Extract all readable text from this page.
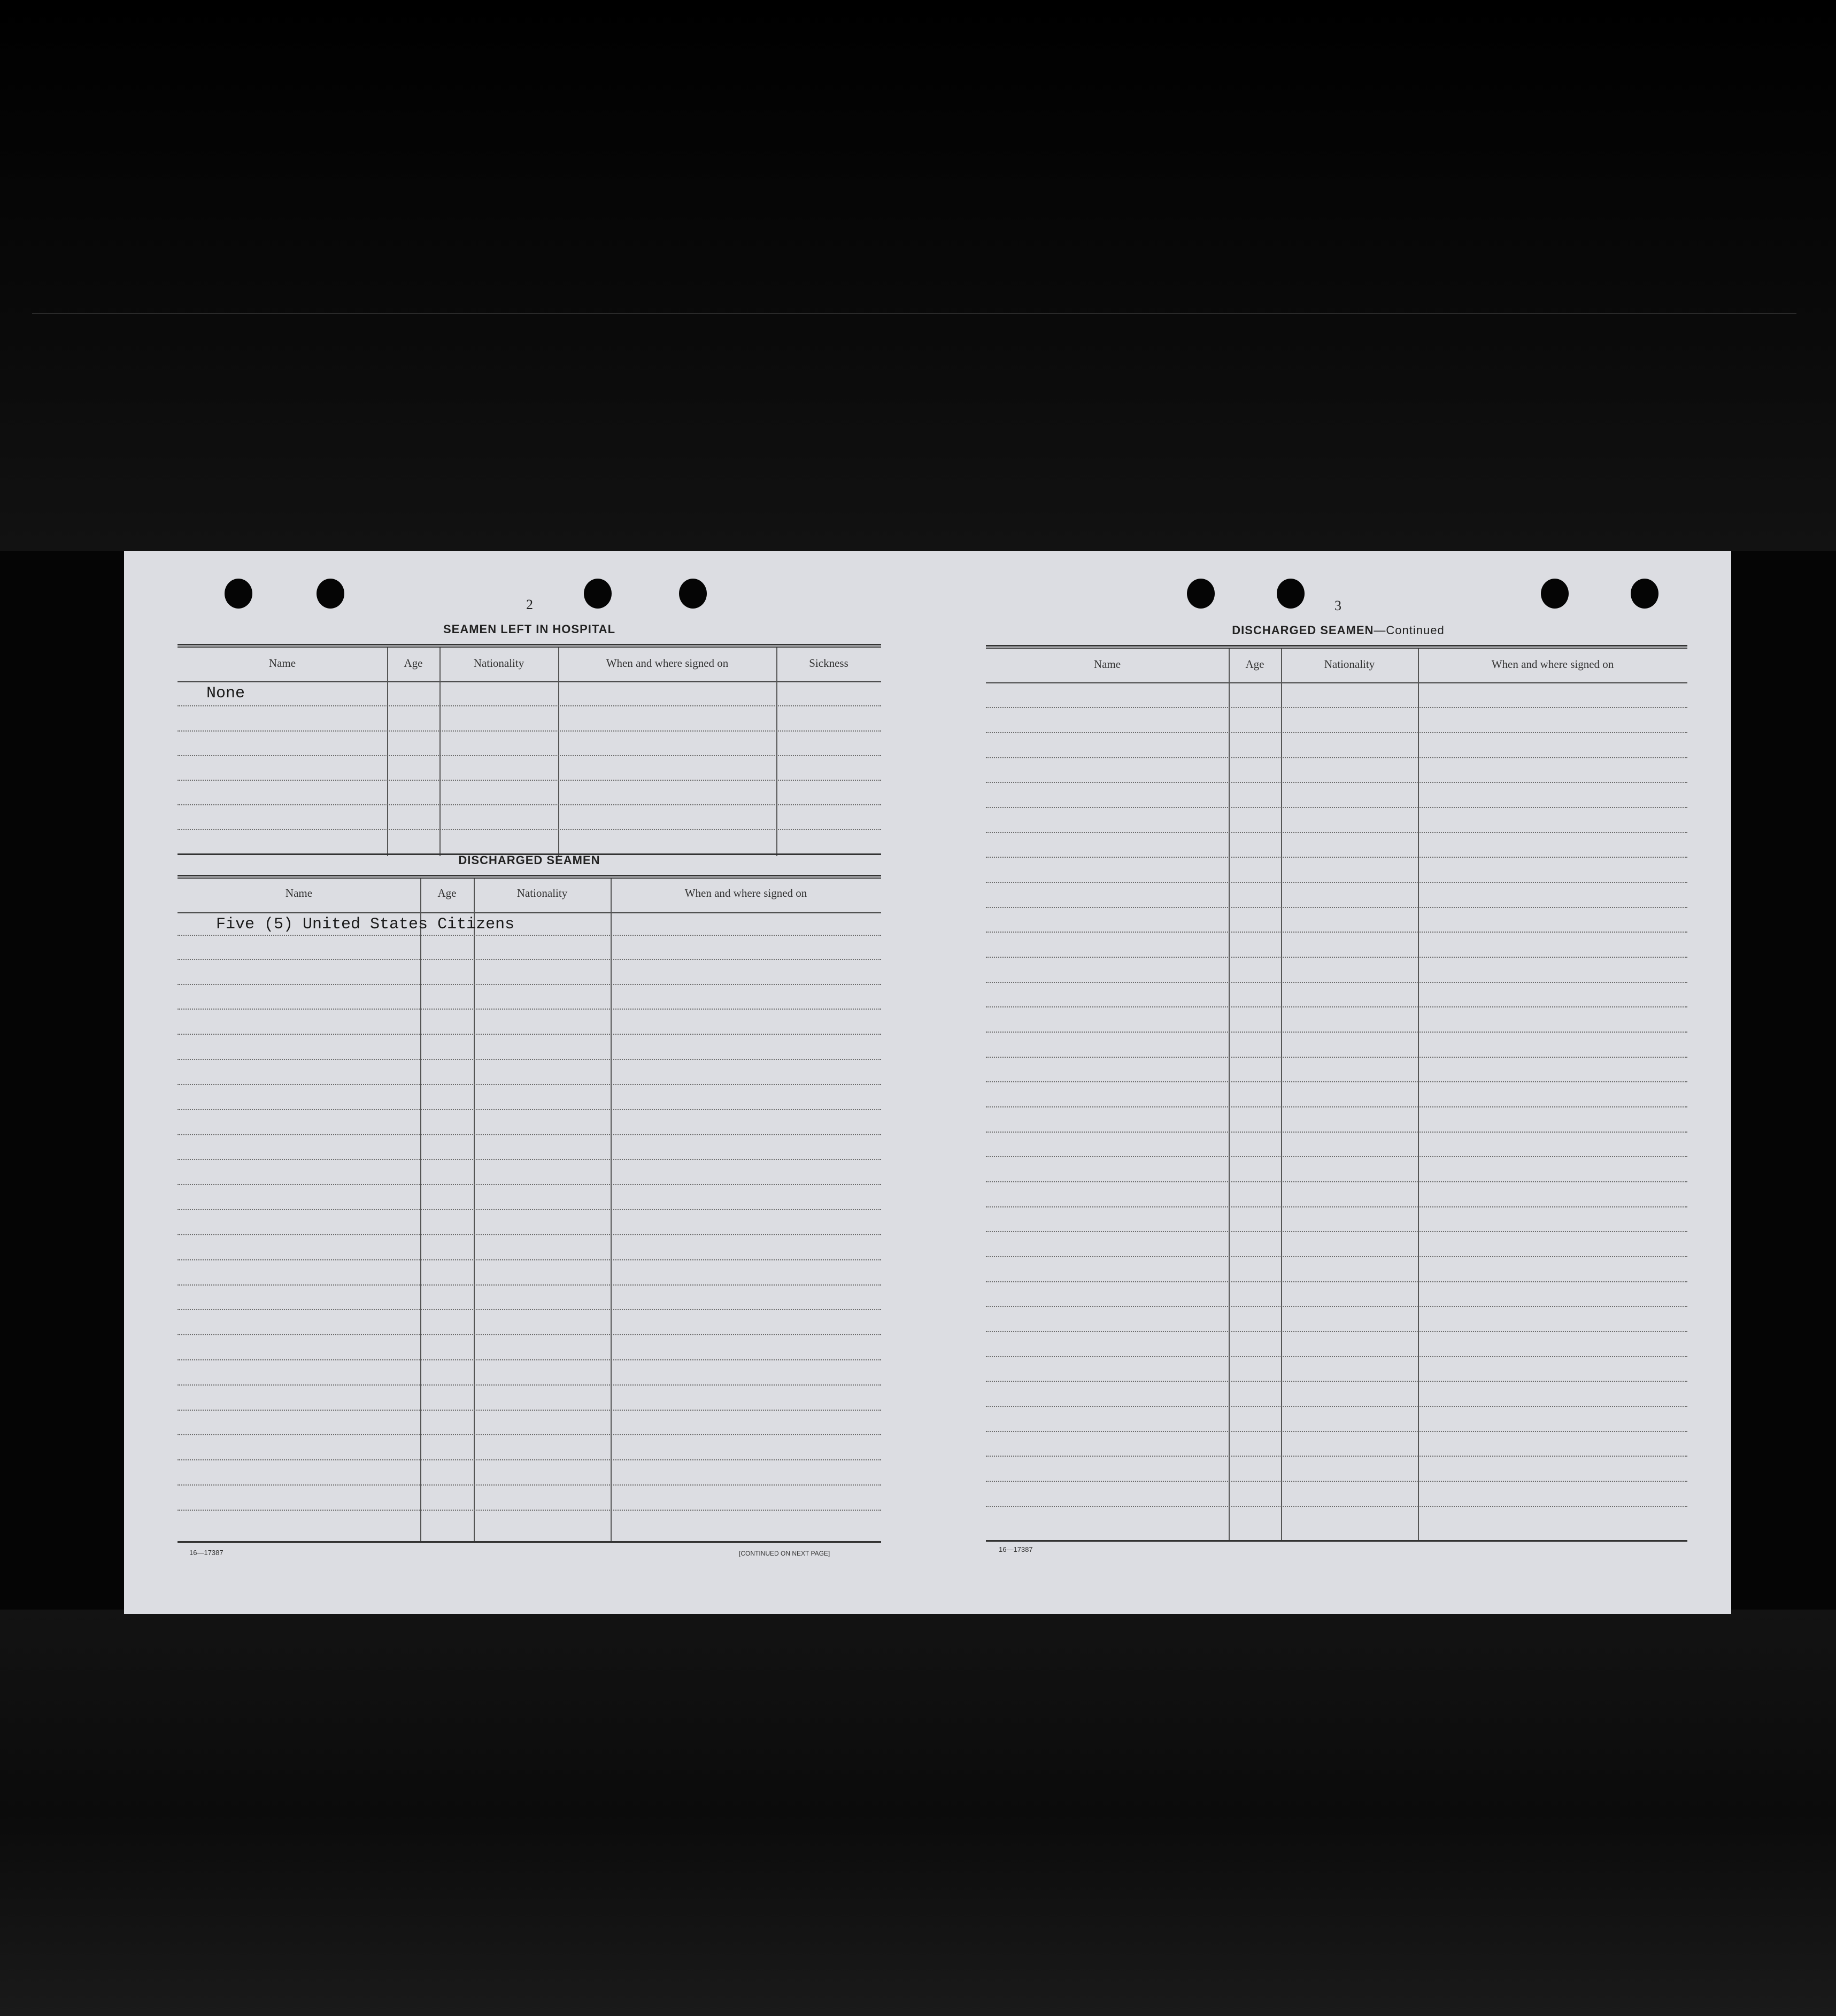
2
SEAMEN LEFT IN HOSPITAL
Name	Age	Nationality	When and where signed on	Sickness
None
DISCHARGED SEAMEN
Name	Age	Nationality	When and where signed on
Five (5) United States Citizens
16—17387	[CONTINUED ON NEXT PAGE]
3
DISCHARGED SEAMEN—Continued
Name	Age	Nationality	When and where signed on
16—17387
